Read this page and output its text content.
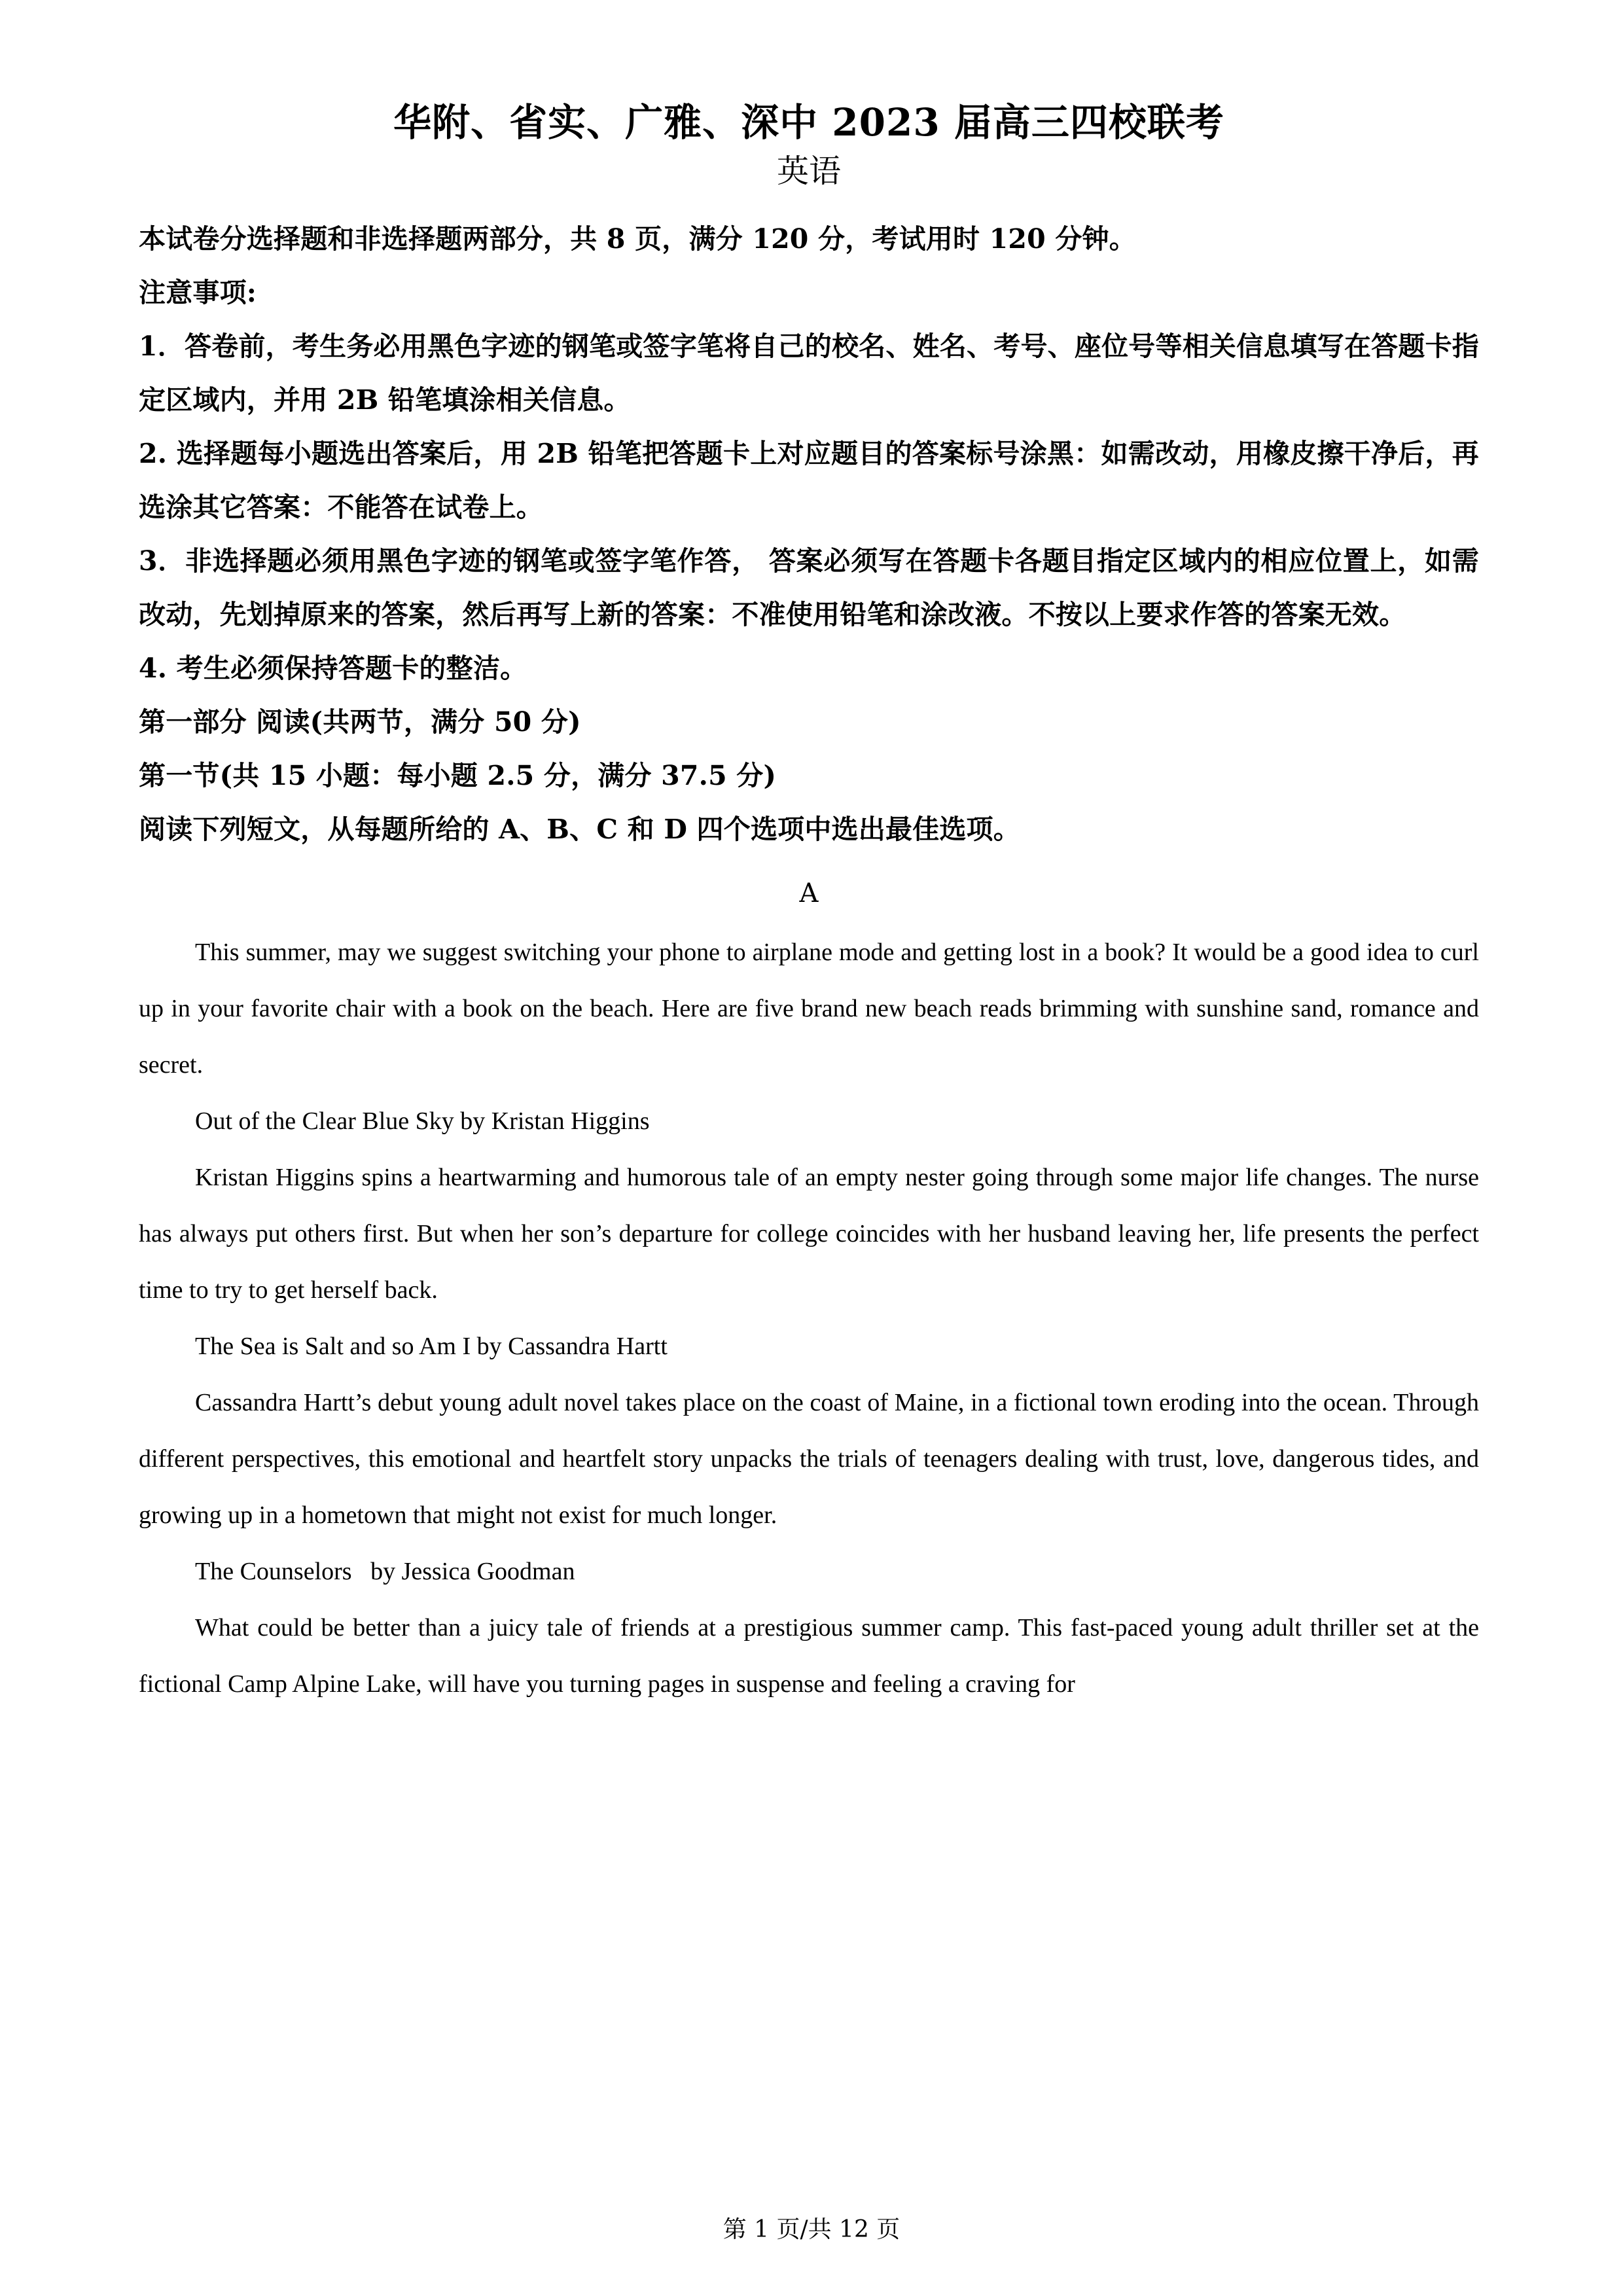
华附、省实、广雅、深中 2023 届高三四校联考
英语

本试卷分选择题和非选择题两部分，共 8 页，满分 120 分，考试用时 120 分钟。

注意事项:

1．答卷前，考生务必用黑色字迹的钢笔或签字笔将自己的校名、姓名、考号、座位号等相关信息填写在答题卡指定区域内，并用 2B 铅笔填涂相关信息。

2. 选择题每小题选出答案后，用 2B 铅笔把答题卡上对应题目的答案标号涂黑：如需改动，用橡皮擦干净后，再选涂其它答案：不能答在试卷上。

3．非选择题必须用黑色字迹的钢笔或签字笔作答， 答案必须写在答题卡各题目指定区域内的相应位置上，如需改动，先划掉原来的答案，然后再写上新的答案：不准使用铅笔和涂改液。不按以上要求作答的答案无效。

4. 考生必须保持答题卡的整洁。

第一部分 阅读(共两节，满分 50 分)

第一节(共 15 小题：每小题 2.5 分，满分 37.5 分)

阅读下列短文，从每题所给的 A、B、C 和 D 四个选项中选出最佳选项。

A

This summer, may we suggest switching your phone to airplane mode and getting lost in a book? It would be a good idea to curl up in your favorite chair with a book on the beach. Here are five brand new beach reads brimming with sunshine sand, romance and secret.

Out of the Clear Blue Sky by Kristan Higgins

Kristan Higgins spins a heartwarming and humorous tale of an empty nester going through some major life changes. The nurse has always put others first. But when her son’s departure for college coincides with her husband leaving her, life presents the perfect time to try to get herself back.

The Sea is Salt and so Am I by Cassandra Hartt

Cassandra Hartt’s debut young adult novel takes place on the coast of Maine, in a fictional town eroding into the ocean. Through different perspectives, this emotional and heartfelt story unpacks the trials of teenagers dealing with trust, love, dangerous tides, and growing up in a hometown that might not exist for much longer.

The Counselors   by Jessica Goodman

What could be better than a juicy tale of friends at a prestigious summer camp. This fast-paced young adult thriller set at the fictional Camp Alpine Lake, will have you turning pages in suspense and feeling a craving for

第 1 页/共 12 页
